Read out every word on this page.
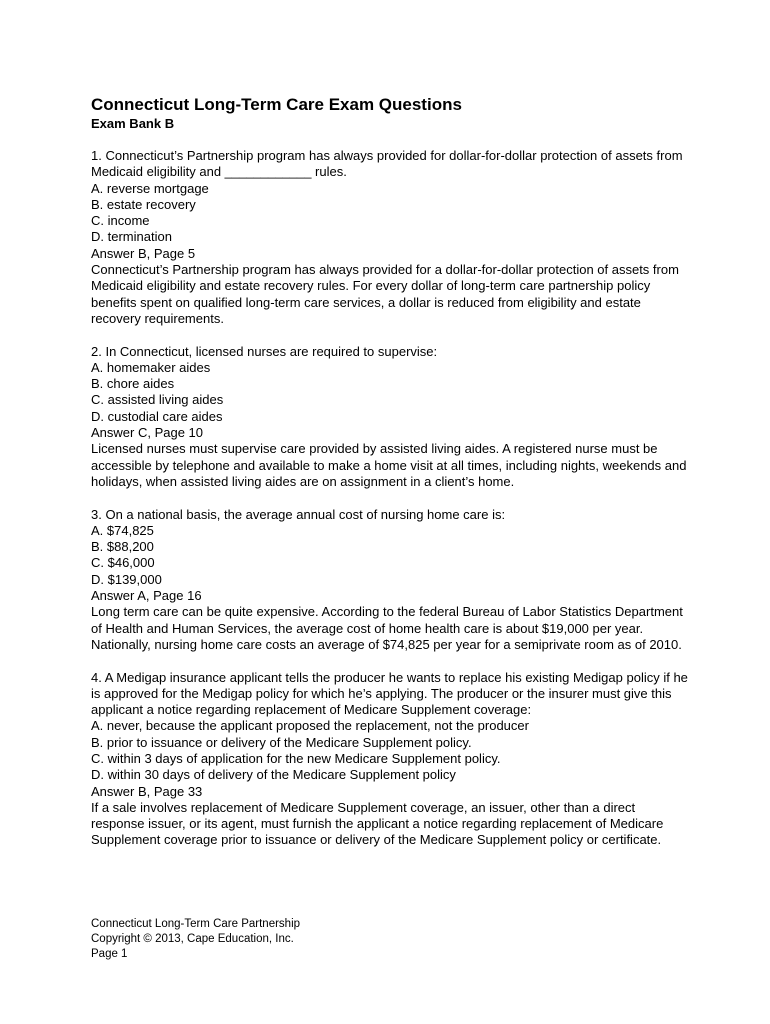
Connecticut Long-Term Care Exam Questions

Exam Bank B

1. Connecticut’s Partnership program has always provided for dollar-for-dollar protection of assets from Medicaid eligibility and ____________ rules.

A. reverse mortgage

B. estate recovery

C. income

D. termination

Answer B, Page 5

Connecticut’s Partnership program has always provided for a dollar-for-dollar protection of assets from Medicaid eligibility and estate recovery rules. For every dollar of long-term care partnership policy benefits spent on qualified long-term care services, a dollar is reduced from eligibility and estate recovery requirements.

2. In Connecticut, licensed nurses are required to supervise:

A. homemaker aides

B. chore aides

C. assisted living aides

D. custodial care aides

Answer C, Page 10

Licensed nurses must supervise care provided by assisted living aides. A registered nurse must be accessible by telephone and available to make a home visit at all times, including nights, weekends and holidays, when assisted living aides are on assignment in a client’s home.

3. On a national basis, the average annual cost of nursing home care is:

A. $74,825

B. $88,200

C. $46,000

D. $139,000

Answer A, Page 16

Long term care can be quite expensive. According to the federal Bureau of Labor Statistics Department of Health and Human Services, the average cost of home health care is about $19,000 per year. Nationally, nursing home care costs an average of $74,825 per year for a semiprivate room as of 2010.

4. A Medigap insurance applicant tells the producer he wants to replace his existing Medigap policy if he is approved for the Medigap policy for which he’s applying. The producer or the insurer must give this applicant a notice regarding replacement of Medicare Supplement coverage:

A. never, because the applicant proposed the replacement, not the producer

B. prior to issuance or delivery of the Medicare Supplement policy.

C. within 3 days of application for the new Medicare Supplement policy.

D. within 30 days of delivery of the Medicare Supplement policy

Answer B, Page 33

If a sale involves replacement of Medicare Supplement coverage, an issuer, other than a direct response issuer, or its agent, must furnish the applicant a notice regarding replacement of Medicare Supplement coverage prior to issuance or delivery of the Medicare Supplement policy or certificate.

Connecticut Long-Term Care Partnership

Copyright © 2013, Cape Education, Inc.

Page 1
